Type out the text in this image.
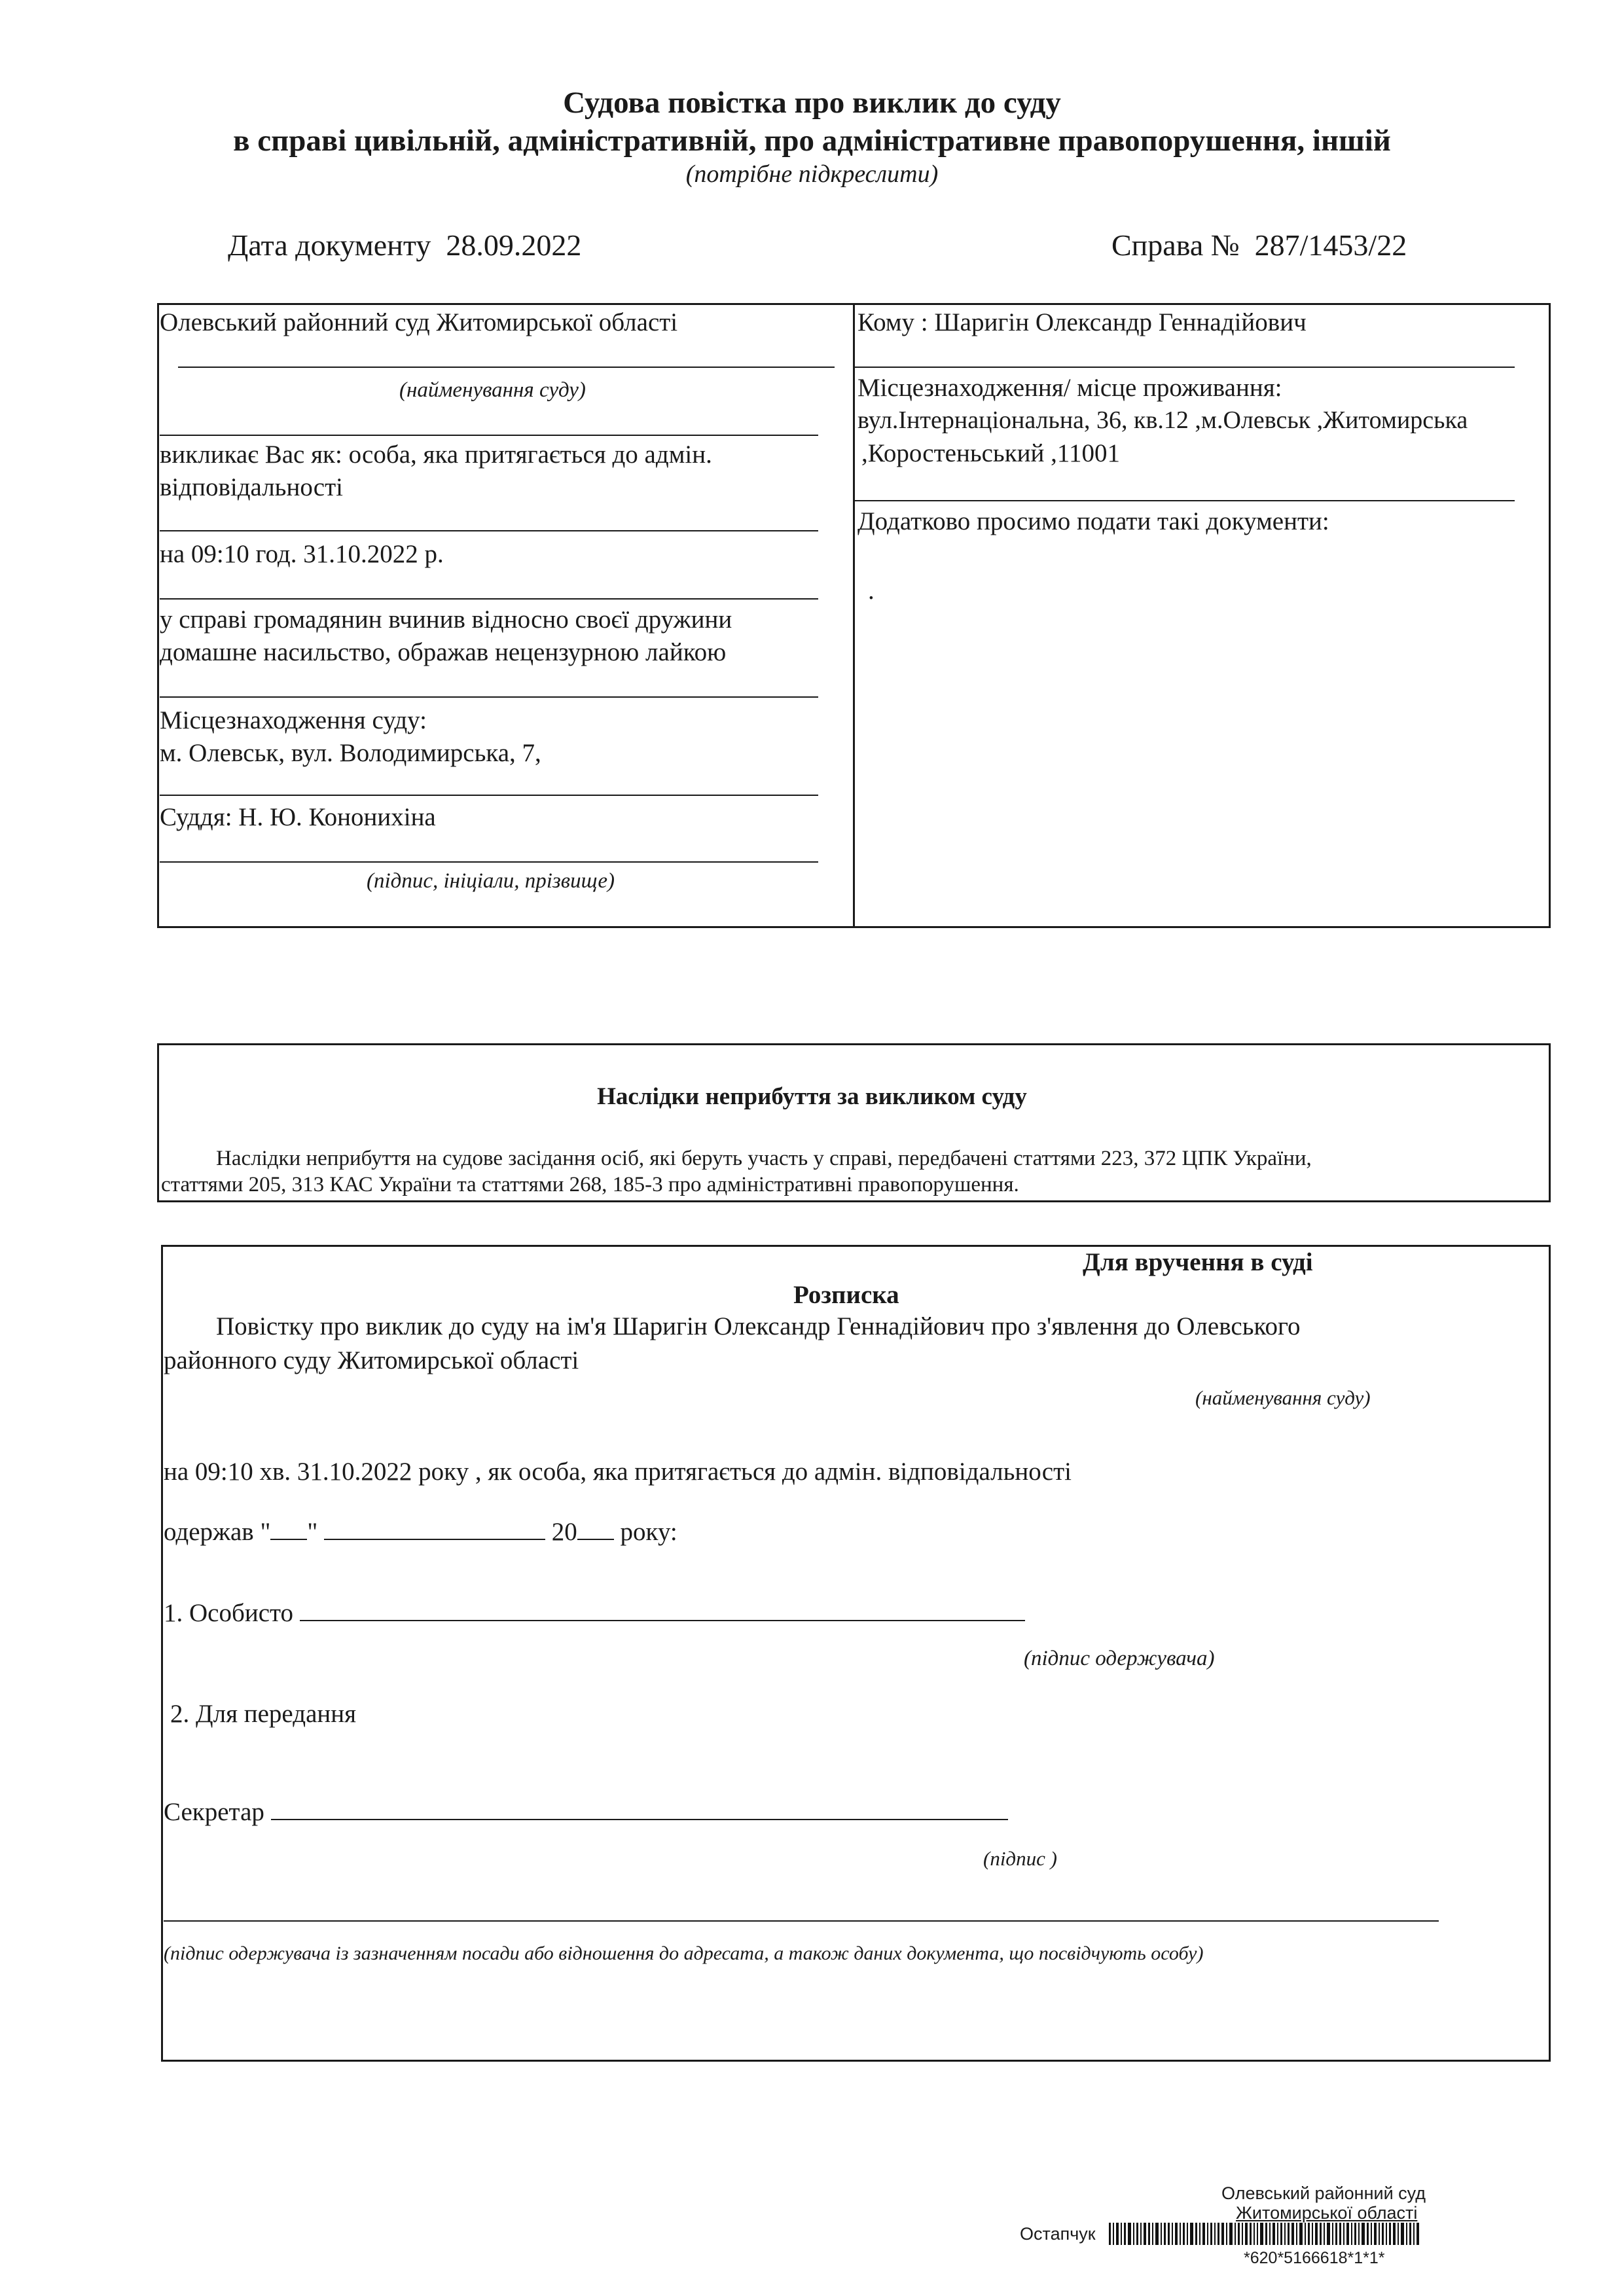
Судова повістка про виклик до суду
в справі цивільній, адміністративній, про адміністративне правопорушення, іншій
(потрібне підкреслити)
Дата документу 28.09.2022	Справа № 287/1453/22
Олевський районний суд Житомирської області
(найменування суду)
викликає Вас як: особа, яка притягається до адмін.
відповідальності
на 09:10 год. 31.10.2022 р.
у справі громадянин вчинив відносно своєї дружини
домашне насильство, ображав нецензурною лайкою
Місцезнаходження суду:
м. Олевськ, вул. Володимирська, 7,
Суддя: Н. Ю. Кононихіна
(підпис, ініціали, прізвище)
Кому : Шаригін Олександр Геннадійович
Місцезнаходження/ місце проживання:
вул.Інтернаціональна, 36, кв.12 ,м.Олевськ ,Житомирська
,Коростеньський ,11001
Додатково просимо подати такі документи:
.
Наслідки неприбуття за викликом суду
Наслідки неприбуття на судове засідання осіб, які беруть участь у справі, передбачені статтями 223, 372 ЦПК України,
статтями 205, 313 КАС України та статтями 268, 185-3 про адміністративні правопорушення.
Для вручення в суді
Розписка
Повістку про виклик до суду на ім'я Шаригін Олександр Геннадійович про з'явлення до Олевського
районного суду Житомирської області
(найменування суду)
на 09:10 хв. 31.10.2022 року , як особа, яка притягається до адмін. відповідальності
одержав " "	20 року:
1. Особисто
(підпис одержувача)
2. Для передання
Секретар
(підпис )
(підпис одержувача із зазначенням посади або відношення до адресата, а також даних документа, що посвідчують особу)
Олевський районний суд
Житомирської області
Остапчук
*620*5166618*1*1*
